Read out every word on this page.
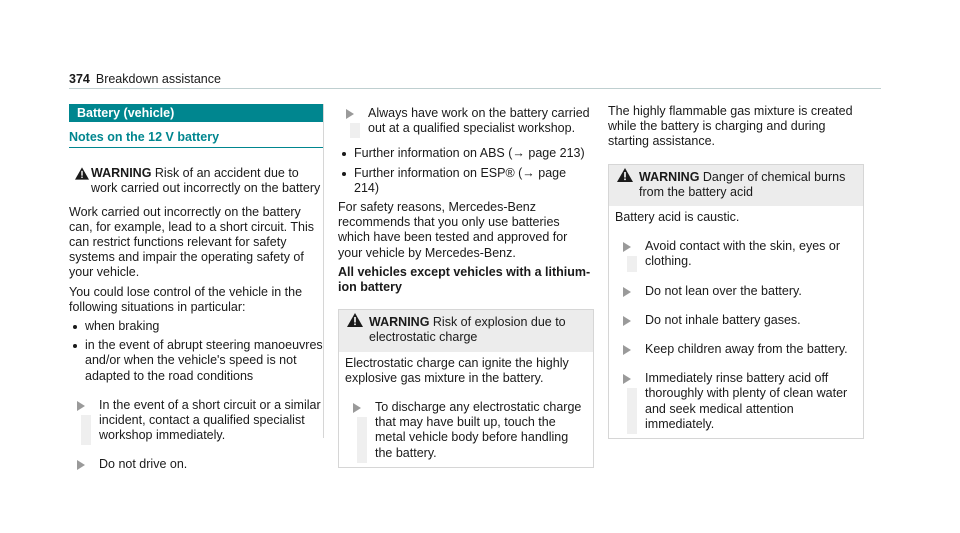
374 Breakdown assistance
Battery (vehicle)
Notes on the 12 V battery

WARNING Risk of an accident due to work carried out incorrectly on the battery

Work carried out incorrectly on the battery can, for example, lead to a short circuit. This can restrict functions relevant for safety systems and impair the operating safety of your vehicle.

You could lose control of the vehicle in the following situations in particular:

when braking
in the event of abrupt steering manoeuvres and/or when the vehicle's speed is not adapted to the road conditions
In the event of a short circuit or a similar incident, contact a qualified specialist workshop immediately.
Do not drive on.
Always have work on the battery carried out at a qualified specialist workshop.
Further information on ABS (→ page 213)
Further information on ESP® (→ page 214)

For safety reasons, Mercedes-Benz recommends that you only use batteries which have been tested and approved for your vehicle by Mercedes-Benz.

All vehicles except vehicles with a lithium-ion battery

WARNING Risk of explosion due to electrostatic charge

Electrostatic charge can ignite the highly explosive gas mixture in the battery.

To discharge any electrostatic charge that may have built up, touch the metal vehicle body before handling the battery.

The highly flammable gas mixture is created while the battery is charging and during starting assistance.

WARNING Danger of chemical burns from the battery acid

Battery acid is caustic.

Avoid contact with the skin, eyes or clothing.
Do not lean over the battery.
Do not inhale battery gases.
Keep children away from the battery.
Immediately rinse battery acid off thoroughly with plenty of clean water and seek medical attention immediately.
